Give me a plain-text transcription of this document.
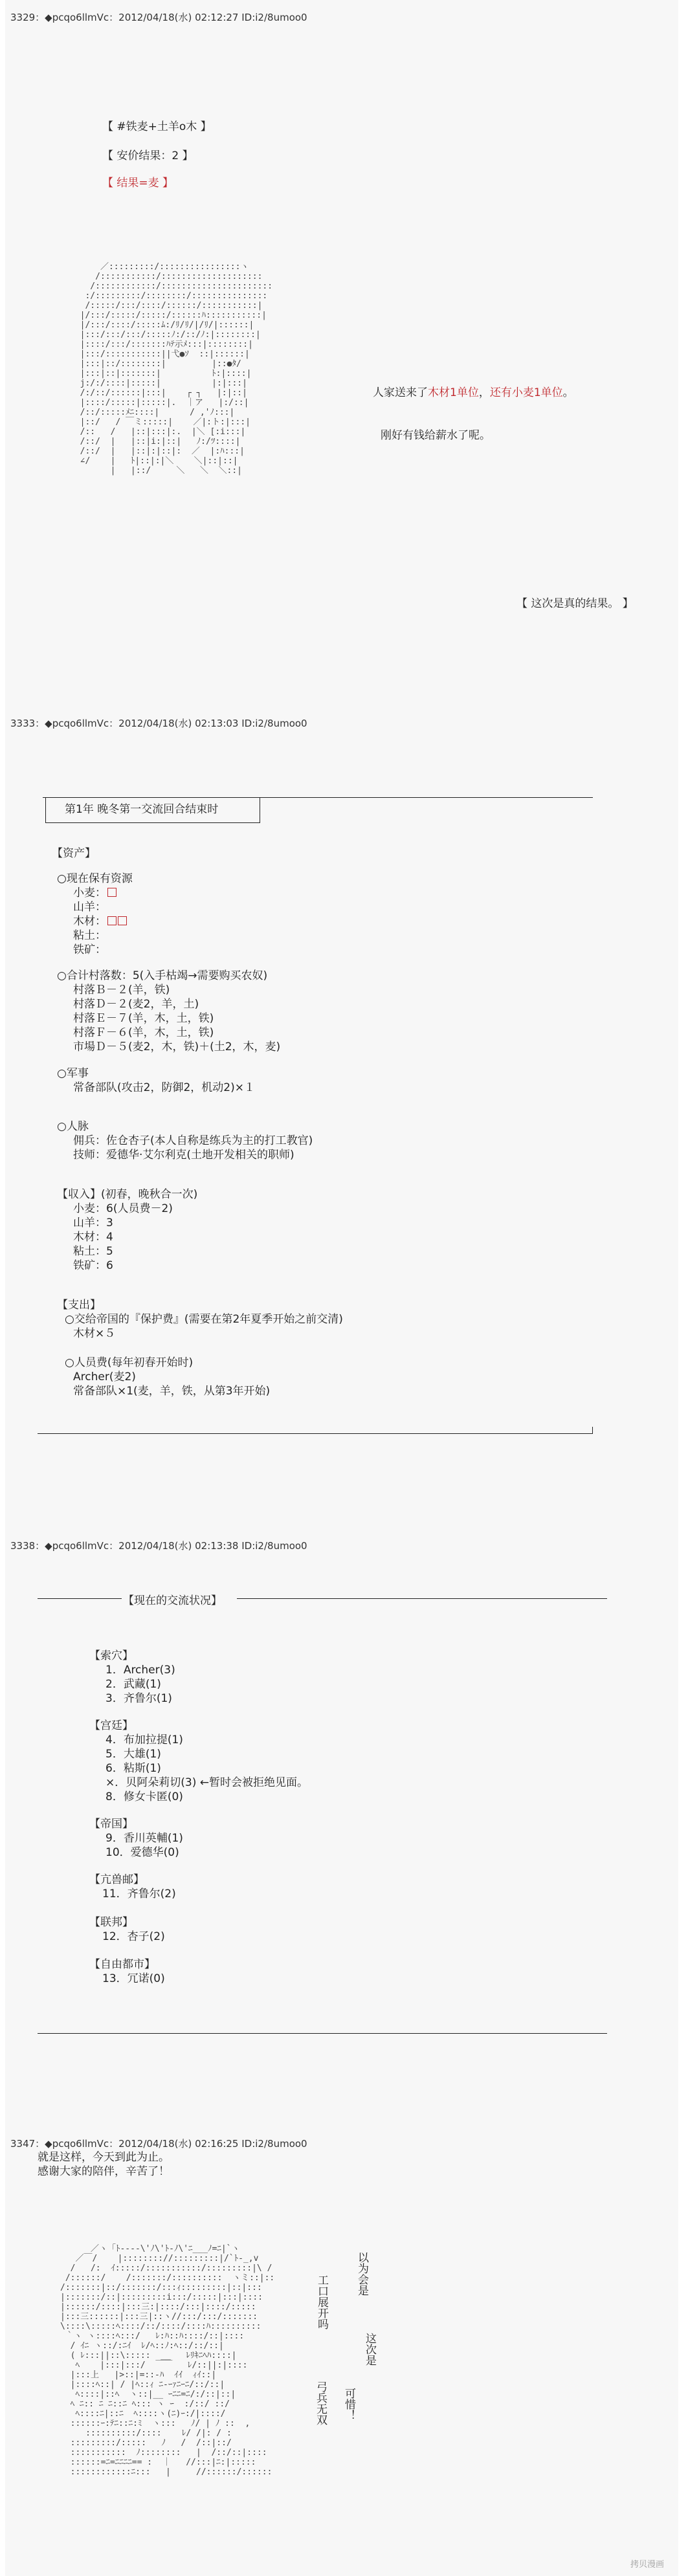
3329：◆pcqo6llmVc：2012/04/18(水) 02:12:27 ID:i2/8umoo0
【 #铁麦+土羊o木 】
【 安价结果：2 】
【 结果=麦 】
／:::::::::/::::::::::::::::ヽ
/:::::::::::/::::::::::::::::::::
/::::::::::::/::::::::::::::::::::::
:/:::::::::/::::::::/:::::::::::::::
/:::::/:::/::::/::::::/:::::::::::|
|/:::/:::::/:::::/::::::ﾊ:::::::::::|
|/:::/::::/:::::ﾑ:/ﾘ/ﾘ/|/ﾘ/|::::::|
|:::/:::/:::/:::::ﾉ:/::/ﾉ:|::::::::|
|::::/:::/:::::::ﾊﾃ示ﾒ:::|::::::::|
|:::/:::::::::::||弋●ｿ  ::|::::::|
|:::|::/::::::::|         |::●ﾀ/
|:::|::|:::::::|          ﾄ:|::::|
j:/:/::::|:::::|          |:|:::|
/:/::/::::::|:::|    ┌ ┐   |:|::|
|::::/:::::|:::::|.  ｜ア   |:/::|
/::/:::::ﾒﾆ::::|      / ,'ﾉ:::|
|::/   / ￣ミ:::::|    ／|:ト:|:::|
/::   /   |::|:::|:.  |＼ [:i:::|
/::/  |   |::|i:|::|   ﾉ:/ﾂ::::|
/::/  |   |::|:|::|:  ／  |:ﾊ:::|
∠/    |   ﾄ|::|:|＼    ＼|::|::|
|   |::/     ＼   ＼  ＼::|
人家送来了木材1单位，还有小麦1单位。
刚好有钱给薪水了呢。
【 这次是真的结果。 】
3333：◆pcqo6llmVc：2012/04/18(水) 02:13:03 ID:i2/8umoo0
第1年 晚冬第一交流回合结束时
【资产】
○现在保有资源
小麦：
山羊：
木材：
粘土：
铁矿：
○合计村落数：5(入手枯竭→需要购买农奴)
村落Ｂ－２(羊，铁)
村落Ｄ－２(麦2，羊，土)
村落Ｅ－７(羊，木，土，铁)
村落Ｆ－６(羊，木，土，铁)
市場Ｄ－５(麦2，木，铁)＋(土2，木，麦)
○军事
常备部队(攻击2，防御2，机动2)×１
○人脉
佣兵：佐仓杏子(本人自称是练兵为主的打工教官)
技师：爱德华·艾尔利克(土地开发相关的职师)
【収入】(初春，晚秋合一次)
小麦：6(人员费－2)
山羊：3
木材：4
粘土：5
铁矿：6
【支出】
○交给帝国的『保护费』(需要在第2年夏季开始之前交清)
木材×５
○人员费(每年初春开始时)
Archer(麦2)
常备部队×1(麦，羊，铁，从第3年开始)
3338：◆pcqo6llmVc：2012/04/18(水) 02:13:38 ID:i2/8umoo0
【现在的交流状况】
【索穴】
1．Archer(3)
2．武藏(1)
3．齐鲁尔(1)
【宫廷】
4．布加拉提(1)
5．大雄(1)
6．粘斯(1)
×．贝阿朵莉切(3) ←暂时会被拒绝见面。
8．修女卡匿(0)
【帝国】
9．香川英輔(1)
10．爱德华(0)
【亢兽邮】
11．齐鲁尔(2)
【联邦】
12．杏子(2)
【自由都市】
13．冗诺(0)
3347：◆pcqo6llmVc：2012/04/18(水) 02:16:25 ID:i2/8umoo0
就是这样，今天到此为止。
感谢大家的陪伴，辛苦了！
／ヽ「ﾄ----\'ﾉ\'ﾄ-ﾉ\'ﾆ___ﾉ=ﾆ|`ヽ
／￣/    |:::::::://:::::::::|/`ﾄ-_,v
/   /:  ｲ:::::/:::::::::::/:::::::::|\ /
/::::::/    /:::::::/::::::::::  ヽミ::|::
/:::::::|::/:::::::/:::ｨ:::::::::|::|:::
|:::::::/::|:::::::::i:::/:::::|:::|::::
|::::::/::::|:::三:|::::/:::|::::/:::::
|:::三::::::|:::三|::ヽ//:::/:::/:::::::
\::::\:::::ﾍ::::/::/::::/::::ﾊ::::::::::
｀ヽ ヽ::::ﾍ:::/   ﾚ:ﾊ::ﾊ::::/::|::::
/ ｲﾆ ヽ::/:ﾆｲ  ﾚ/ﾍ::ﾉ:ﾍ::/::/::|
( ﾚ:::||::\:::::  __   ﾚﾘｷﾆﾍﾊ::::|
ﾍ    |:::|:::/  ￣￣   ﾚ/::||:|::::
|:::上   |>::|=::-ﾊ  ｲｲ  ｨｲ::|
|::::ﾍ::| / |ﾍ::ｨ ﾆ-ｰｧﾆｰﾆ/::/::|
ﾍ::::|::ﾍ  ヽ::|__ ｰﾆﾆ=ﾆ/:/::|::|
ﾍ ﾆ:: ﾆ ﾆ::ﾆ ﾍ::: ヽ ｰ  :/::/ ::/
ﾍ::::ﾆ|::ﾆ  ﾍ::::ヽ(ﾆ)ｰ:/|::::/
::::::ｰ:ﾃﾆ::ﾆ:ﾐ  ヽ:::   ﾉ/ | ﾉ ::  ,
::::::::::/::::    ﾚ/ /|: / :
:::::::::/:::::   ﾉ   /  /::|::/
:::::::::::  ﾉ::::::::   |  /::/::|::::
::::::=ﾆ=ﾆﾆﾆﾆ== :  ｜   //:::|ﾆ:|:::::
::::::::::::ﾆ:::   |     //::::::/::::::
以为会是
工口展开吗
这次是
弓兵无双 可惜！
拷贝漫画
